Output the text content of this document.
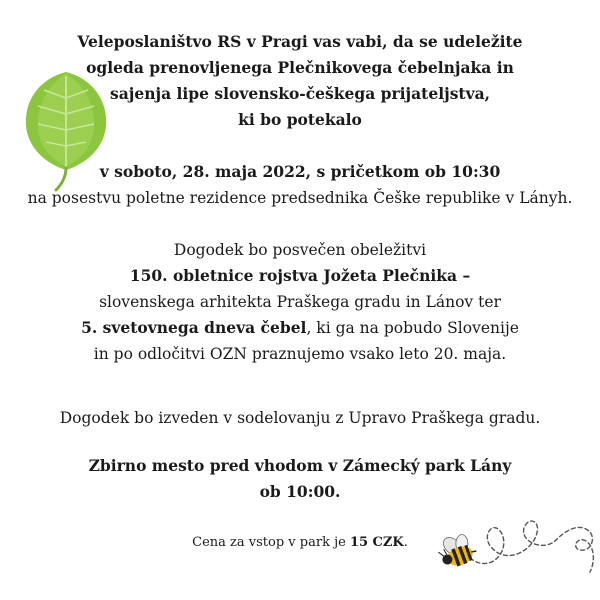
Veleposlaništvo RS v Pragi vas vabi, da se udeležite
ogleda prenovljenega Plečnikovega čebelnjaka in
sajenja lipe slovensko-češkega prijateljstva,
ki bo potekalo
v soboto, 28. maja 2022, s pričetkom ob 10:30
na posestvu poletne rezidence predsednika Češke republike v Lányh.
Dogodek bo posvečen obeležitvi
150. obletnice rojstva Jožeta Plečnika –
slovenskega arhitekta Praškega gradu in Lánov ter
5. svetovnega dneva čebel, ki ga na pobudo Slovenije
in po odločitvi OZN praznujemo vsako leto 20. maja.
Dogodek bo izveden v sodelovanju z Upravo Praškega gradu.
Zbirno mesto pred vhodom v Zámecký park Lány
ob 10:00.
Cena za vstop v park je 15 CZK.
